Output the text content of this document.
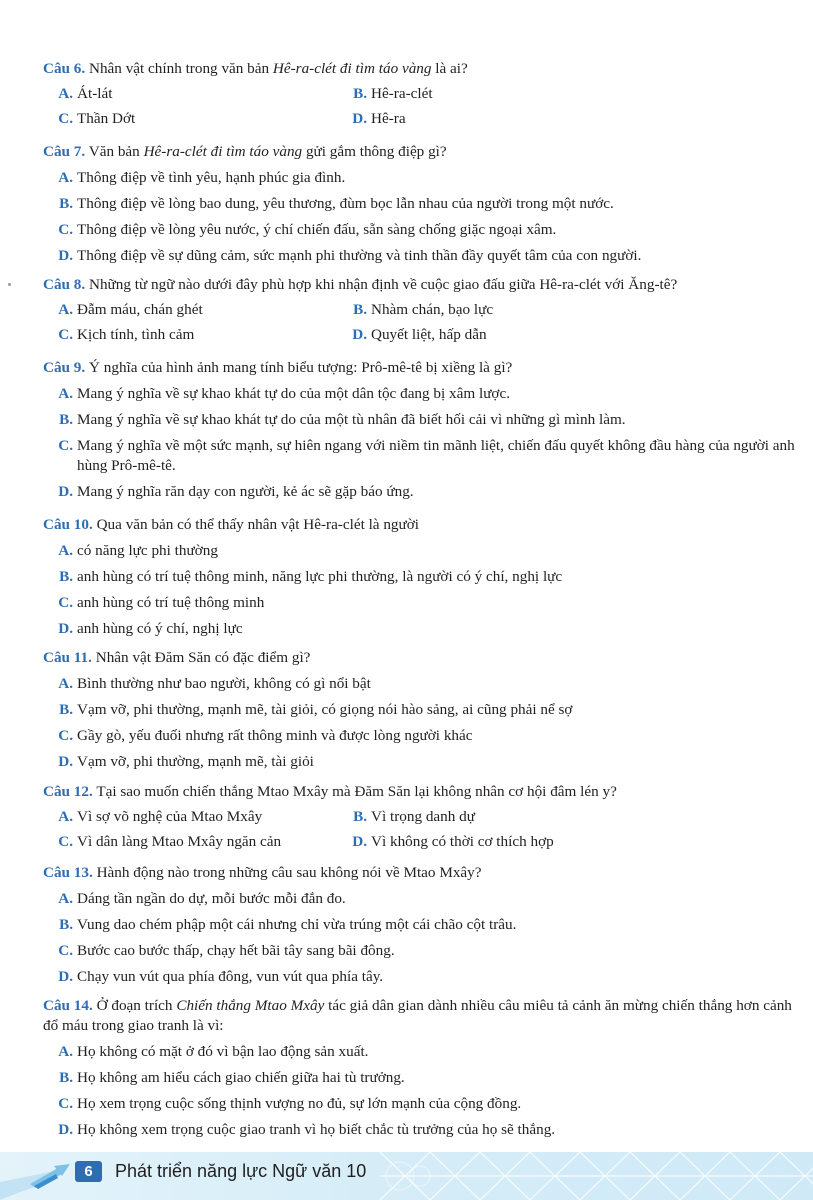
Câu 6. Nhân vật chính trong văn bản Hê-ra-clét đi tìm táo vàng là ai?
A. Át-lát	B. Hê-ra-clét
C. Thần Dớt	D. Hê-ra
Câu 7. Văn bản Hê-ra-clét đi tìm táo vàng gửi gắm thông điệp gì?
A. Thông điệp về tình yêu, hạnh phúc gia đình.
B. Thông điệp về lòng bao dung, yêu thương, đùm bọc lẫn nhau của người trong một nước.
C. Thông điệp về lòng yêu nước, ý chí chiến đấu, sẵn sàng chống giặc ngoại xâm.
D. Thông điệp về sự dũng cảm, sức mạnh phi thường và tinh thần đầy quyết tâm của con người.
Câu 8. Những từ ngữ nào dưới đây phù hợp khi nhận định về cuộc giao đấu giữa Hê-ra-clét với Ăng-tê?
A. Đẫm máu, chán ghét	B. Nhàm chán, bạo lực
C. Kịch tính, tình cảm	D. Quyết liệt, hấp dẫn
Câu 9. Ý nghĩa của hình ảnh mang tính biểu tượng: Prô-mê-tê bị xiềng là gì?
A. Mang ý nghĩa về sự khao khát tự do của một dân tộc đang bị xâm lược.
B. Mang ý nghĩa về sự khao khát tự do của một tù nhân đã biết hối cải vì những gì mình làm.
C. Mang ý nghĩa về một sức mạnh, sự hiên ngang với niềm tin mãnh liệt, chiến đấu quyết không đầu hàng của người anh hùng Prô-mê-tê.
D. Mang ý nghĩa răn dạy con người, kẻ ác sẽ gặp báo ứng.
Câu 10. Qua văn bản có thể thấy nhân vật Hê-ra-clét là người
A. có năng lực phi thường
B. anh hùng có trí tuệ thông minh, năng lực phi thường, là người có ý chí, nghị lực
C. anh hùng có trí tuệ thông minh
D. anh hùng có ý chí, nghị lực
Câu 11. Nhân vật Đăm Săn có đặc điểm gì?
A. Bình thường như bao người, không có gì nổi bật
B. Vạm vỡ, phi thường, mạnh mẽ, tài giỏi, có giọng nói hào sảng, ai cũng phải nể sợ
C. Gầy gò, yếu đuối nhưng rất thông minh và được lòng người khác
D. Vạm vỡ, phi thường, mạnh mẽ, tài giỏi
Câu 12. Tại sao muốn chiến thắng Mtao Mxây mà Đăm Săn lại không nhân cơ hội đâm lén y?
A. Vì sợ võ nghệ của Mtao Mxây	B. Vì trọng danh dự
C. Vì dân làng Mtao Mxây ngăn cản	D. Vì không có thời cơ thích hợp
Câu 13. Hành động nào trong những câu sau không nói về Mtao Mxây?
A. Dáng tần ngần do dự, mỗi bước mỗi đắn đo.
B. Vung dao chém phập một cái nhưng chỉ vừa trúng một cái chão cột trâu.
C. Bước cao bước thấp, chạy hết bãi tây sang bãi đông.
D. Chạy vun vút qua phía đông, vun vút qua phía tây.
Câu 14. Ở đoạn trích Chiến thắng Mtao Mxây tác giả dân gian dành nhiều câu miêu tả cảnh ăn mừng chiến thắng hơn cảnh đổ máu trong giao tranh là vì:
A. Họ không có mặt ở đó vì bận lao động sản xuất.
B. Họ không am hiểu cách giao chiến giữa hai tù trưởng.
C. Họ xem trọng cuộc sống thịnh vượng no đủ, sự lớn mạnh của cộng đồng.
D. Họ không xem trọng cuộc giao tranh vì họ biết chắc tù trưởng của họ sẽ thắng.
6	Phát triển năng lực Ngữ văn 10
